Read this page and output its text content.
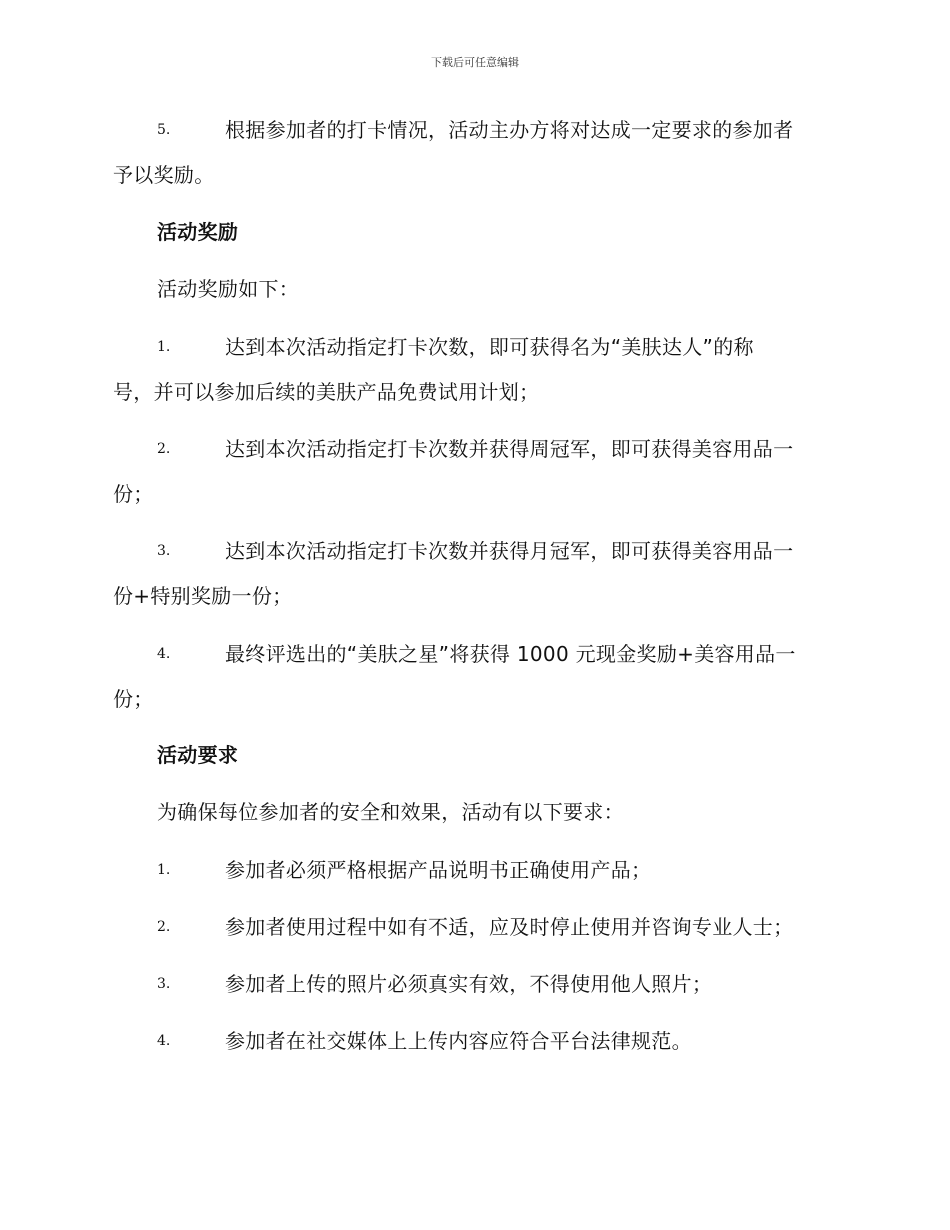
下载后可任意编辑
5.	根据参加者的打卡情况，活动主办方将对达成一定要求的参加者
予以奖励。
活动奖励
活动奖励如下：
1.	达到本次活动指定打卡次数，即可获得名为“美肤达人”的称
号，并可以参加后续的美肤产品免费试用计划；
2.	达到本次活动指定打卡次数并获得周冠军，即可获得美容用品一
份；
3.	达到本次活动指定打卡次数并获得月冠军，即可获得美容用品一
份+特别奖励一份；
4.	最终评选出的“美肤之星”将获得 1000 元现金奖励+美容用品一
份；
活动要求
为确保每位参加者的安全和效果，活动有以下要求：
1.	参加者必须严格根据产品说明书正确使用产品；
2.	参加者使用过程中如有不适，应及时停止使用并咨询专业人士；
3.	参加者上传的照片必须真实有效，不得使用他人照片；
4.	参加者在社交媒体上上传内容应符合平台法律规范。
